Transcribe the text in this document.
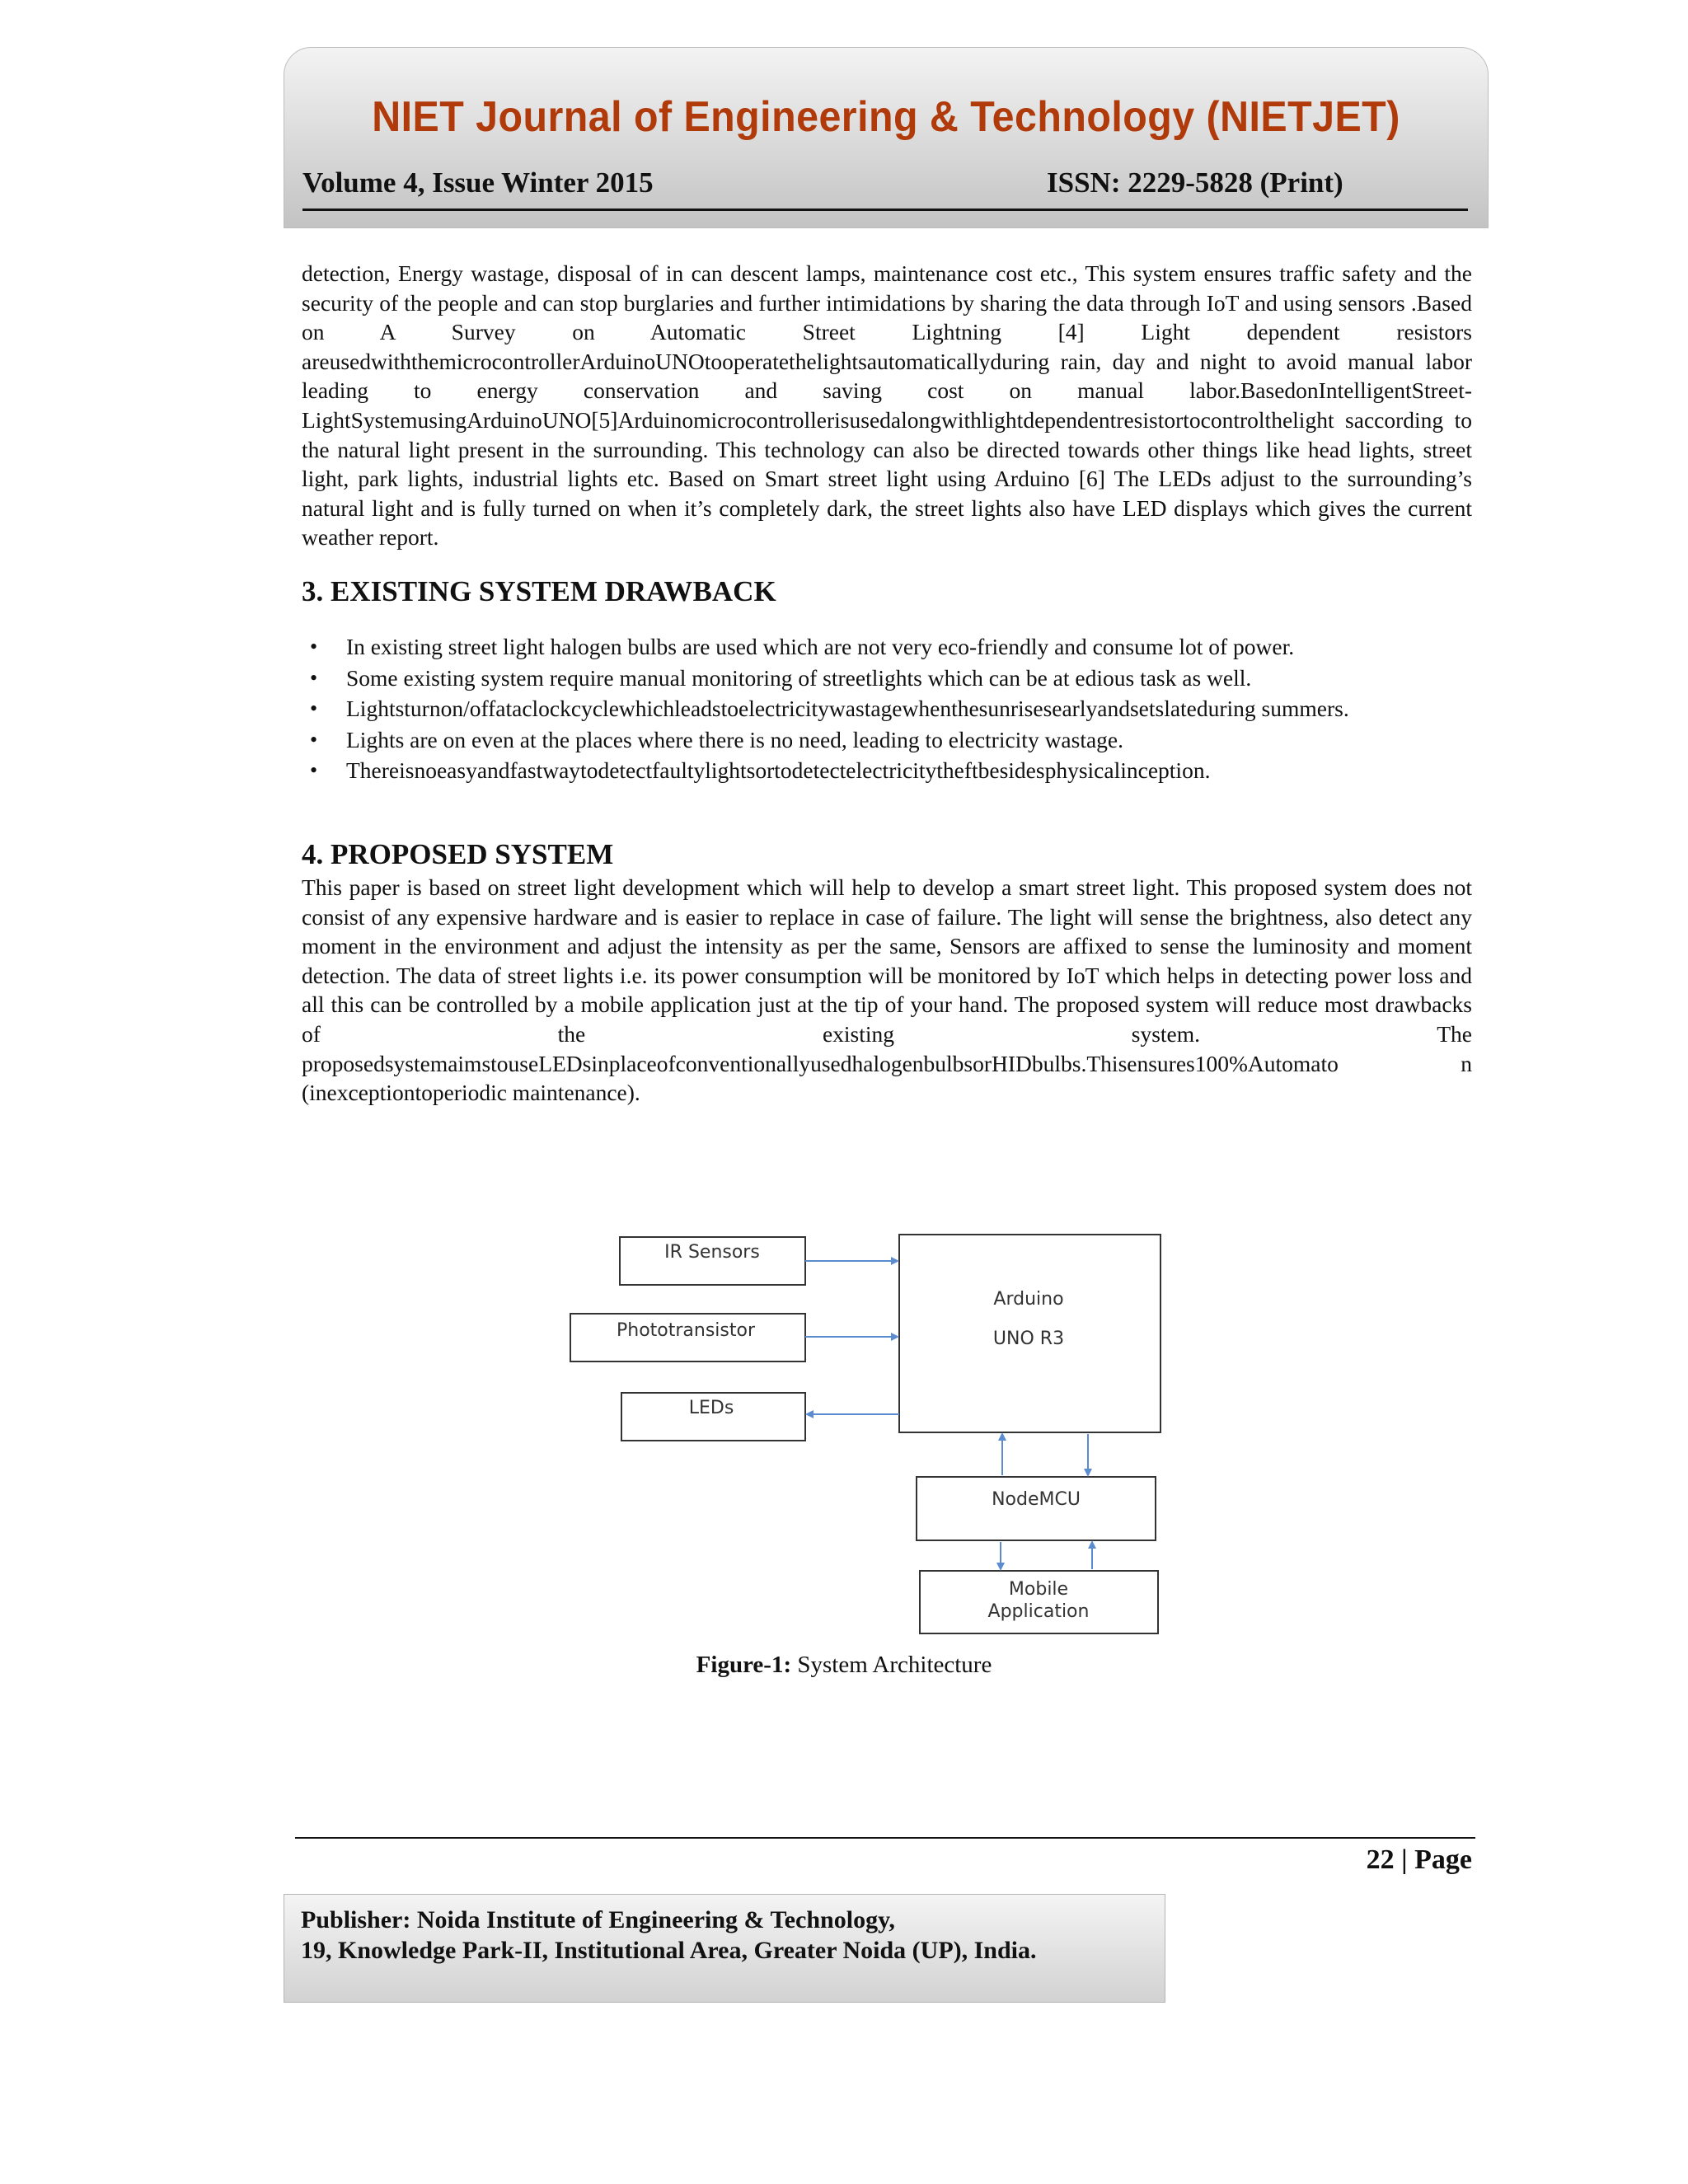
NIET Journal of Engineering & Technology (NIETJET)
Volume 4, Issue Winter 2015	ISSN: 2229-5828 (Print)

detection, Energy wastage, disposal of in can descent lamps, maintenance cost etc., This system ensures traffic safety and the security of the people and can stop burglaries and further intimidations by sharing the data through IoT and using sensors .Based on A Survey on Automatic Street Lightning [4] Light dependent resistors areusedwiththemicrocontrollerArduinoUNOtooperatethelightsautomaticallyduring rain, day and night to avoid manual labor leading to energy conservation and saving cost on manual labor.BasedonIntelligentStreet-LightSystemusingArduinoUNO[5]Arduinomicrocontrollerisusedalongwithlightdependentresistortocontrolthelight saccording to the natural light present in the surrounding. This technology can also be directed towards other things like head lights, street light, park lights, industrial lights etc. Based on Smart street light using Arduino [6] The LEDs adjust to the surrounding’s natural light and is fully turned on when it’s completely dark, the street lights also have LED displays which gives the current weather report.

3. EXISTING SYSTEM DRAWBACK
• In existing street light halogen bulbs are used which are not very eco-friendly and consume lot of power.
• Some existing system require manual monitoring of streetlights which can be at edious task as well.
• Lightsturnon/offataclockcyclewhichleadstoelectricitywastagewhenthesunrisesearlyandsetslateduring summers.
• Lights are on even at the places where there is no need, leading to electricity wastage.
• Thereisnoeasyandfastwaytodetectfaultylightsortodetectelectricitytheftbesidesphysicalinception.
4. PROPOSED SYSTEM

This paper is based on street light development which will help to develop a smart street light. This proposed system does not consist of any expensive hardware and is easier to replace in case of failure. The light will sense the brightness, also detect any moment in the environment and adjust the intensity as per the same, Sensors are affixed to sense the luminosity and moment detection. The data of street lights i.e. its power consumption will be monitored by IoT which helps in detecting power loss and all this can be controlled by a mobile application just at the tip of your hand. The proposed system will reduce most drawbacks of the existing system. The proposedsystemaimstouseLEDsinplaceofconventionallyusedhalogenbulbsorHIDbulbs.Thisensures100%Automato n (inexceptiontoperiodic maintenance).

IR Sensors
Phototransistor
LEDs
Arduino
UNO R3
NodeMCU
Mobile
Application
Figure-1: System Architecture
22 | Page
Publisher: Noida Institute of Engineering & Technology,
19, Knowledge Park-II, Institutional Area, Greater Noida (UP), India.
